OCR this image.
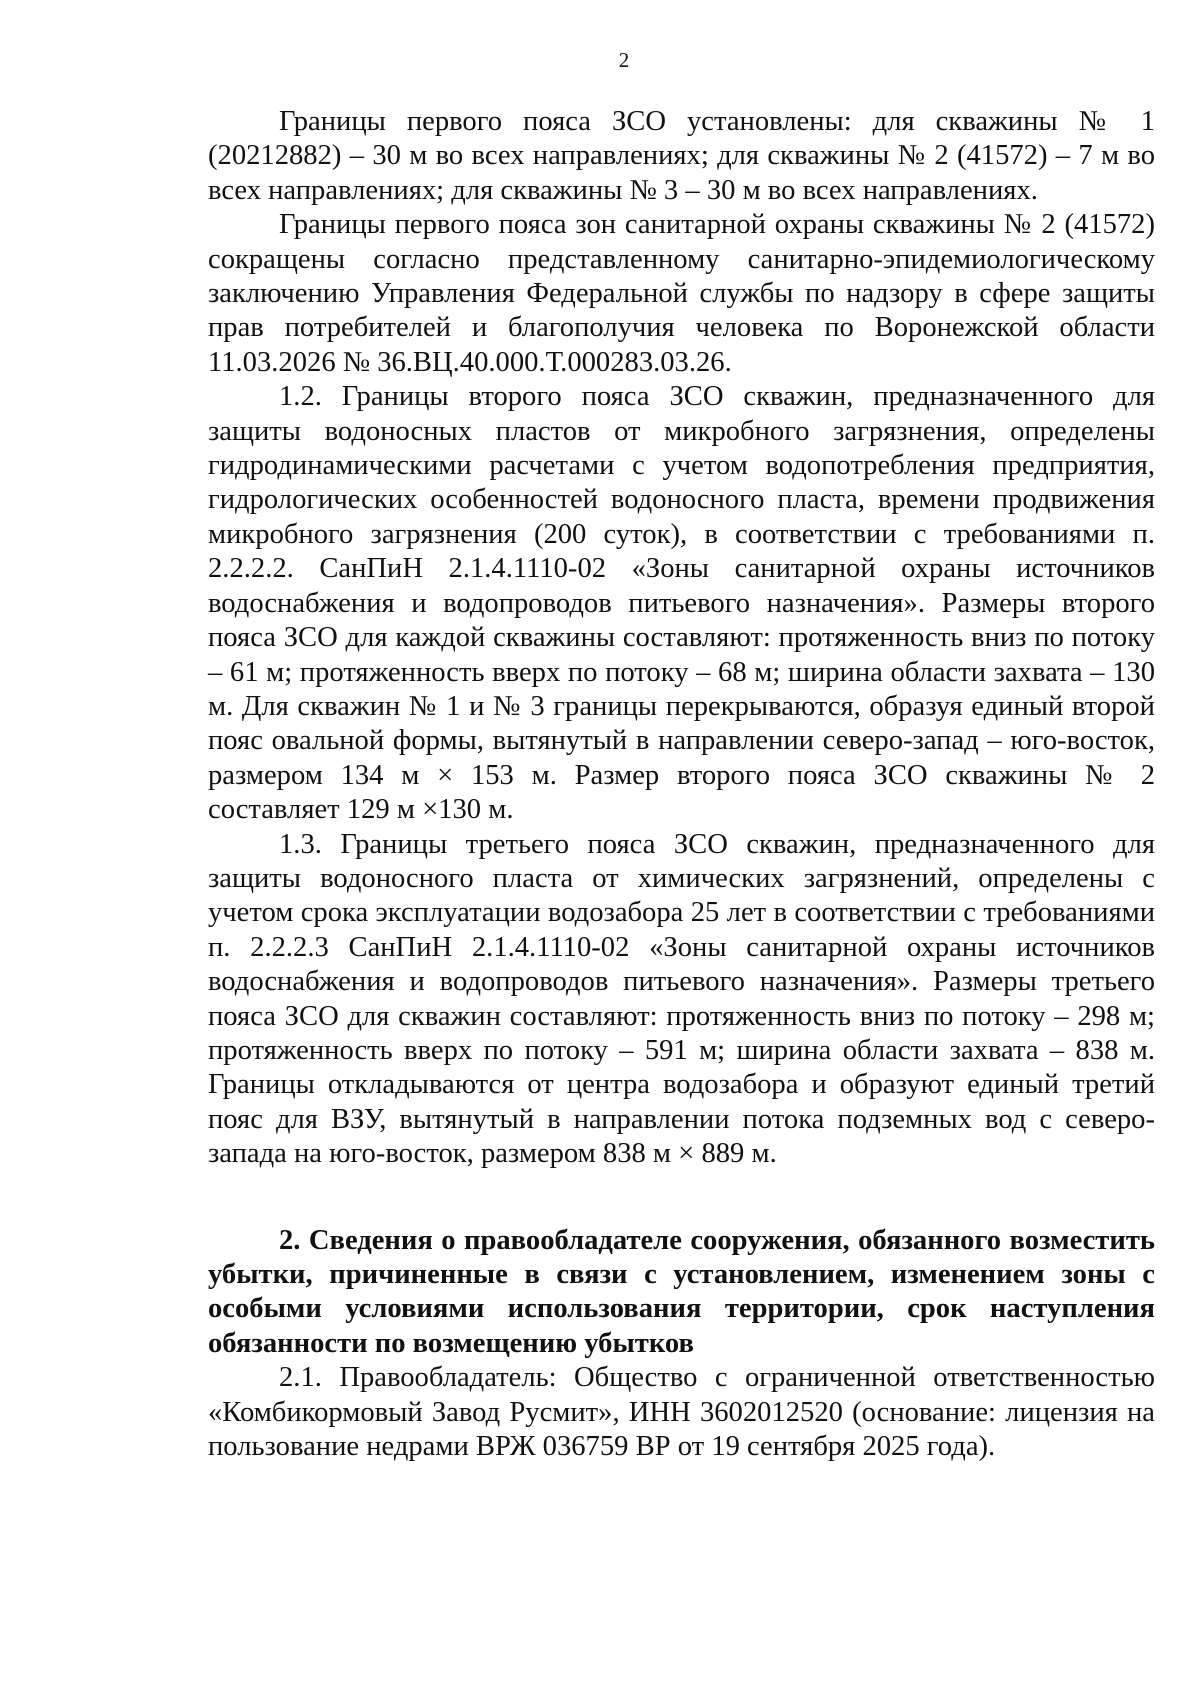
2

Границы первого пояса ЗСО установлены: для скважины № 1 (20212882) – 30 м во всех направлениях; для скважины № 2 (41572) – 7 м во всех направлениях; для скважины № 3 – 30 м во всех направлениях.

Границы первого пояса зон санитарной охраны скважины № 2 (41572) сокращены согласно представленному санитарно-эпидемиологическому заключению Управления Федеральной службы по надзору в сфере защиты прав потребителей и благополучия человека по Воронежской области 11.03.2026 № 36.ВЦ.40.000.Т.000283.03.26.

1.2. Границы второго пояса ЗСО скважин, предназначенного для защиты водоносных пластов от микробного загрязнения, определены гидродинамическими расчетами с учетом водопотребления предприятия, гидрологических особенностей водоносного пласта, времени продвижения микробного загрязнения (200 суток), в соответствии с требованиями п. 2.2.2.2. СанПиН 2.1.4.1110-02 «Зоны санитарной охраны источников водоснабжения и водопроводов питьевого назначения». Размеры второго пояса ЗСО для каждой скважины составляют: протяженность вниз по потоку – 61 м; протяженность вверх по потоку – 68 м; ширина области захвата – 130 м. Для скважин № 1 и № 3 границы перекрываются, образуя единый второй пояс овальной формы, вытянутый в направлении северо-запад – юго-восток, размером 134 м × 153 м. Размер второго пояса ЗСО скважины № 2 составляет 129 м ×130 м.

1.3. Границы третьего пояса ЗСО скважин, предназначенного для защиты водоносного пласта от химических загрязнений, определены с учетом срока эксплуатации водозабора 25 лет в соответствии с требованиями п. 2.2.2.3 СанПиН 2.1.4.1110-02 «Зоны санитарной охраны источников водоснабжения и водопроводов питьевого назначения». Размеры третьего пояса ЗСО для скважин составляют: протяженность вниз по потоку – 298 м; протяженность вверх по потоку – 591 м; ширина области захвата – 838 м. Границы откладываются от центра водозабора и образуют единый третий пояс для ВЗУ, вытянутый в направлении потока подземных вод с северо-запада на юго-восток, размером 838 м × 889 м.

2. Сведения о правообладателе сооружения, обязанного возместить убытки, причиненные в связи с установлением, изменением зоны с особыми условиями использования территории, срок наступления обязанности по возмещению убытков

2.1. Правообладатель: Общество с ограниченной ответственностью «Комбикормовый Завод Русмит», ИНН 3602012520 (основание: лицензия на пользование недрами ВРЖ 036759 ВР от 19 сентября 2025 года).
